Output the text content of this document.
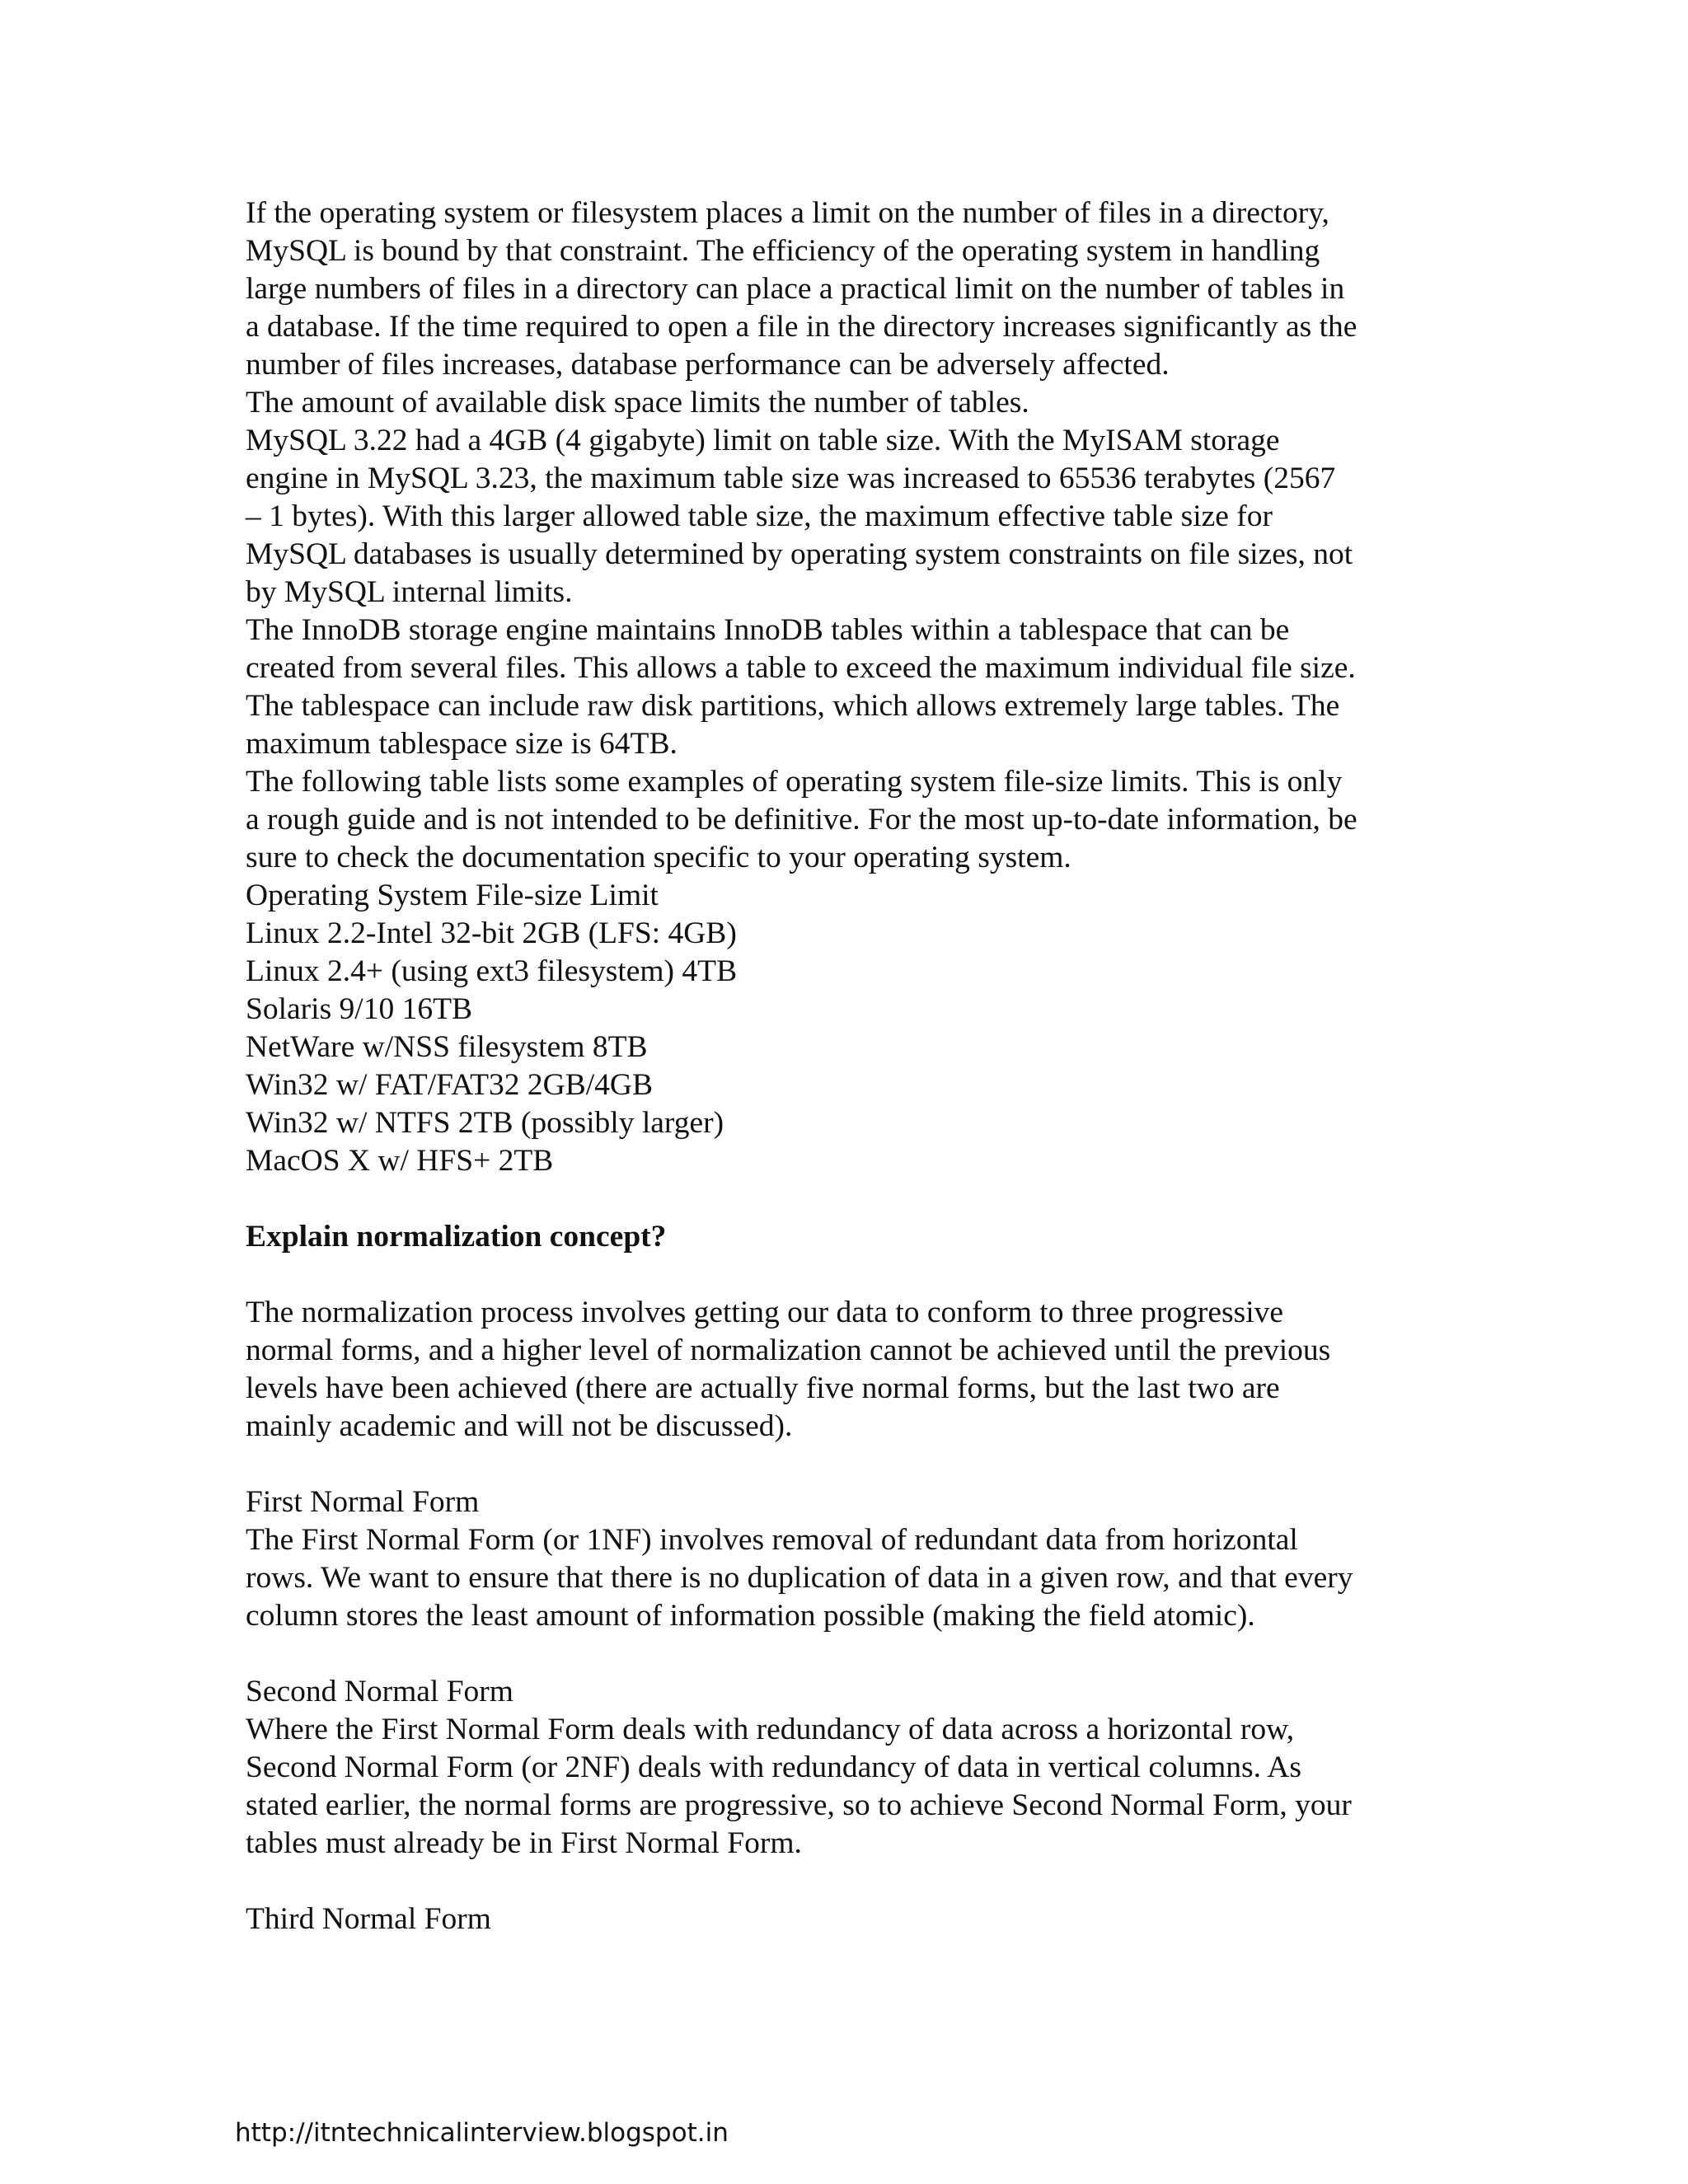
If the operating system or filesystem places a limit on the number of files in a directory,

MySQL is bound by that constraint. The efficiency of the operating system in handling

large numbers of files in a directory can place a practical limit on the number of tables in

a database. If the time required to open a file in the directory increases significantly as the

number of files increases, database performance can be adversely affected.

The amount of available disk space limits the number of tables.

MySQL 3.22 had a 4GB (4 gigabyte) limit on table size. With the MyISAM storage

engine in MySQL 3.23, the maximum table size was increased to 65536 terabytes (2567

– 1 bytes). With this larger allowed table size, the maximum effective table size for

MySQL databases is usually determined by operating system constraints on file sizes, not

by MySQL internal limits.

The InnoDB storage engine maintains InnoDB tables within a tablespace that can be

created from several files. This allows a table to exceed the maximum individual file size.

The tablespace can include raw disk partitions, which allows extremely large tables. The

maximum tablespace size is 64TB.

The following table lists some examples of operating system file-size limits. This is only

a rough guide and is not intended to be definitive. For the most up-to-date information, be

sure to check the documentation specific to your operating system.

Operating System File-size Limit

Linux 2.2-Intel 32-bit 2GB (LFS: 4GB)

Linux 2.4+ (using ext3 filesystem) 4TB

Solaris 9/10 16TB

NetWare w/NSS filesystem 8TB

Win32 w/ FAT/FAT32 2GB/4GB

Win32 w/ NTFS 2TB (possibly larger)

MacOS X w/ HFS+ 2TB

Explain normalization concept?

The normalization process involves getting our data to conform to three progressive

normal forms, and a higher level of normalization cannot be achieved until the previous

levels have been achieved (there are actually five normal forms, but the last two are

mainly academic and will not be discussed).

First Normal Form

The First Normal Form (or 1NF) involves removal of redundant data from horizontal

rows. We want to ensure that there is no duplication of data in a given row, and that every

column stores the least amount of information possible (making the field atomic).

Second Normal Form

Where the First Normal Form deals with redundancy of data across a horizontal row,

Second Normal Form (or 2NF) deals with redundancy of data in vertical columns. As

stated earlier, the normal forms are progressive, so to achieve Second Normal Form, your

tables must already be in First Normal Form.

Third Normal Form

http://itntechnicalinterview.blogspot.in
